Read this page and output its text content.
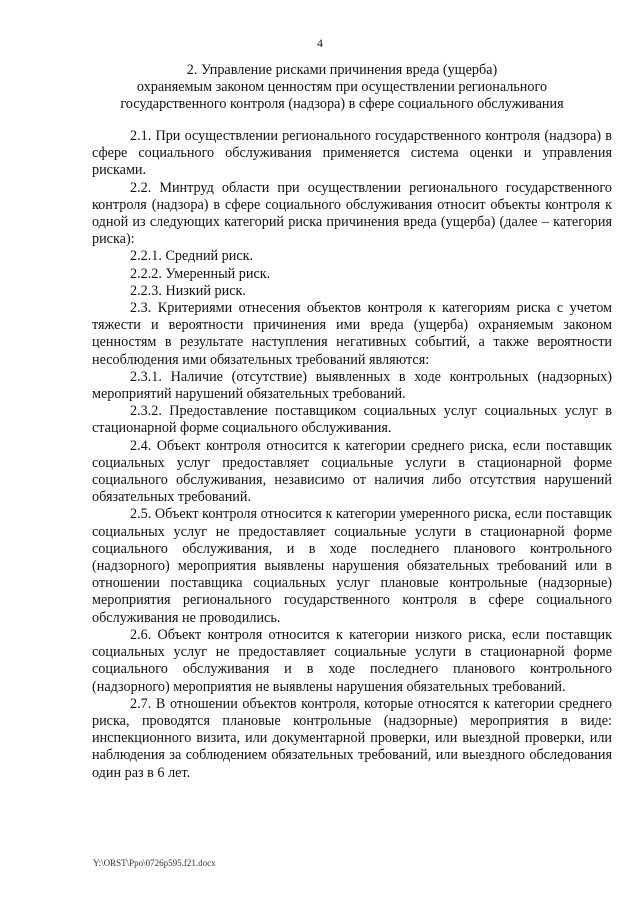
4
2. Управление рисками причинения вреда (ущерба)
охраняемым законом ценностям при осуществлении регионального
государственного контроля (надзора) в сфере социального обслуживания

2.1. При осуществлении регионального государственного контроля (надзора) в сфере социального обслуживания применяется система оценки и управления рисками.

2.2. Минтруд области при осуществлении регионального государственного контроля (надзора) в сфере социального обслуживания относит объекты контроля к одной из следующих категорий риска причинения вреда (ущерба) (далее – категория риска):

2.2.1. Средний риск.

2.2.2. Умеренный риск.

2.2.3. Низкий риск.

2.3. Критериями отнесения объектов контроля к категориям риска с учетом тяжести и вероятности причинения ими вреда (ущерба) охраняемым законом ценностям в результате наступления негативных событий, а также вероятности несоблюдения ими обязательных требований являются:

2.3.1. Наличие (отсутствие) выявленных в ходе контрольных (надзорных) мероприятий нарушений обязательных требований.

2.3.2. Предоставление поставщиком социальных услуг социальных услуг в стационарной форме социального обслуживания.

2.4. Объект контроля относится к категории среднего риска, если поставщик социальных услуг предоставляет социальные услуги в стационарной форме социального обслуживания, независимо от наличия либо отсутствия нарушений обязательных требований.

2.5. Объект контроля относится к категории умеренного риска, если поставщик социальных услуг не предоставляет социальные услуги в стационарной форме социального обслуживания, и в ходе последнего планового контрольного (надзорного) мероприятия выявлены нарушения обязательных требований или в отношении поставщика социальных услуг плановые контрольные (надзорные) мероприятия регионального государственного контроля в сфере социального обслуживания не проводились.

2.6. Объект контроля относится к категории низкого риска, если поставщик социальных услуг не предоставляет социальные услуги в стационарной форме социального обслуживания и в ходе последнего планового контрольного (надзорного) мероприятия не выявлены нарушения обязательных требований.

2.7. В отношении объектов контроля, которые относятся к категории среднего риска, проводятся плановые контрольные (надзорные) мероприятия в виде: инспекционного визита, или документарной проверки, или выездной проверки, или наблюдения за соблюдением обязательных требований, или выездного обследования один раз в 6 лет.

Y:\ORST\Ppo\0726p595.f21.docx
